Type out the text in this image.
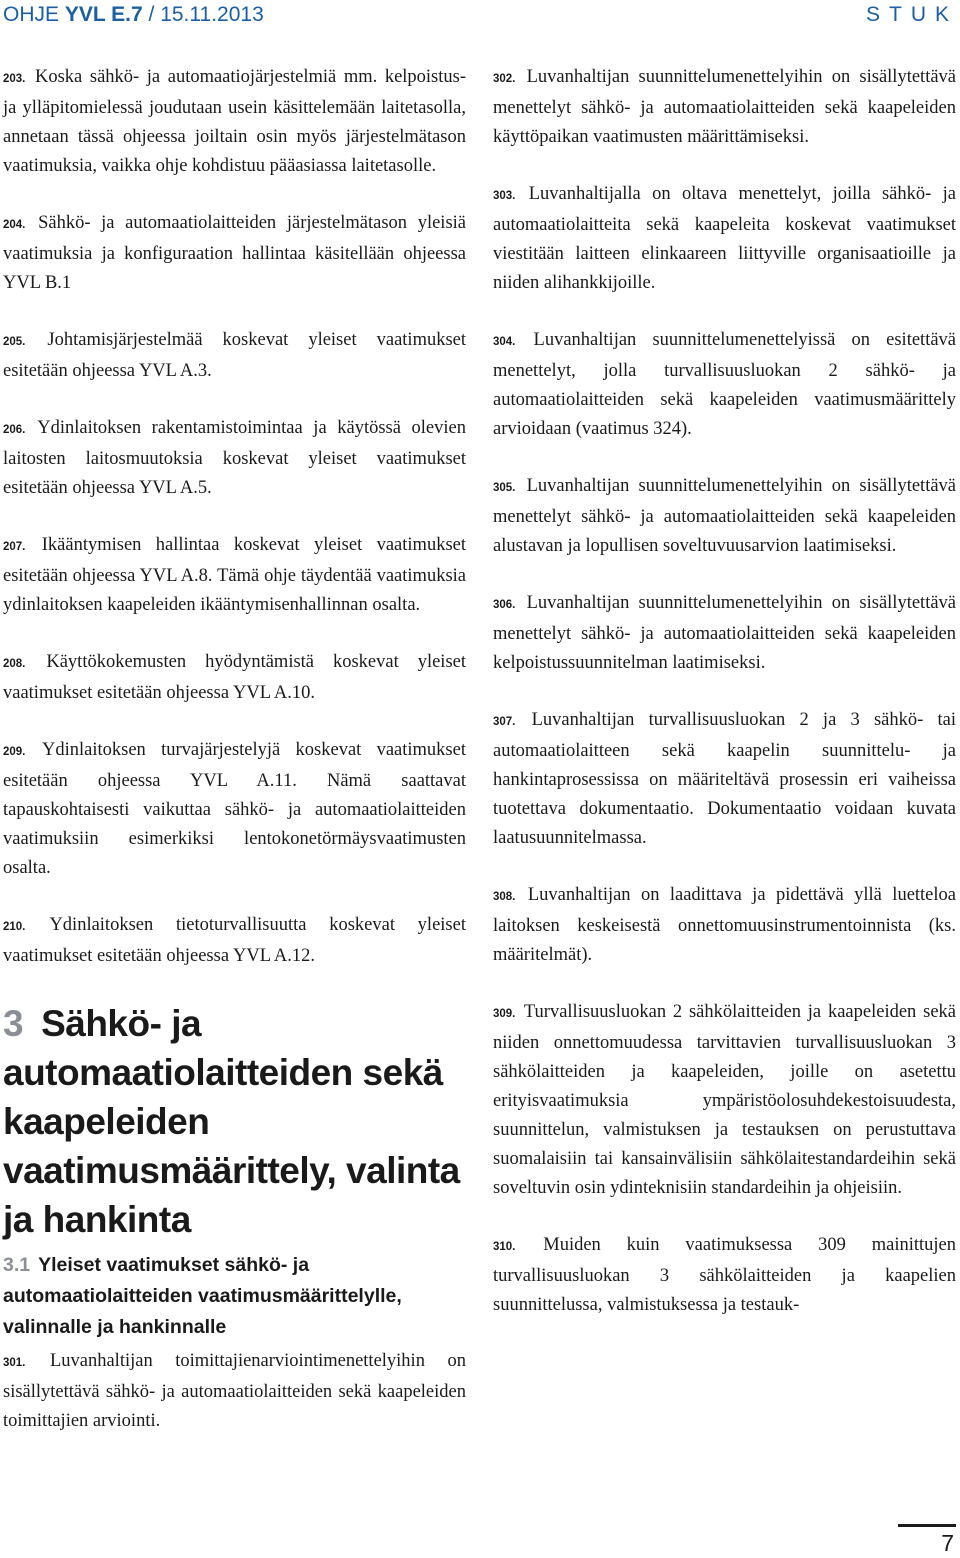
OHJE YVL E.7 / 15.11.2013	STUK

203. Koska sähkö- ja automaatiojärjestelmiä mm. kelpoistus- ja ylläpitomielessä joudutaan usein käsittelemään laitetasolla, annetaan tässä ohjeessa joiltain osin myös järjestelmätason vaatimuksia, vaikka ohje kohdistuu pääasiassa laitetasolle.

204. Sähkö- ja automaatiolaitteiden järjestelmätason yleisiä vaatimuksia ja konfiguraation hallintaa käsitellään ohjeessa YVL B.1

205. Johtamisjärjestelmää koskevat yleiset vaatimukset esitetään ohjeessa YVL A.3.

206. Ydinlaitoksen rakentamistoimintaa ja käytössä olevien laitosten laitosmuutoksia koskevat yleiset vaatimukset esitetään ohjeessa YVL A.5.

207. Ikääntymisen hallintaa koskevat yleiset vaatimukset esitetään ohjeessa YVL A.8. Tämä ohje täydentää vaatimuksia ydinlaitoksen kaapeleiden ikääntymisenhallinnan osalta.

208. Käyttökokemusten hyödyntämistä koskevat yleiset vaatimukset esitetään ohjeessa YVL A.10.

209. Ydinlaitoksen turvajärjestelyjä koskevat vaatimukset esitetään ohjeessa YVL A.11. Nämä saattavat tapauskohtaisesti vaikuttaa sähkö- ja automaatiolaitteiden vaatimuksiin esimerkiksi lentokonetörmäysvaatimusten osalta.

210. Ydinlaitoksen tietoturvallisuutta koskevat yleiset vaatimukset esitetään ohjeessa YVL A.12.

3 Sähkö- ja automaatiolaitteiden sekä kaapeleiden vaatimusmäärittely, valinta ja hankinta
3.1 Yleiset vaatimukset sähkö- ja automaatiolaitteiden vaatimusmäärittelylle, valinnalle ja hankinnalle

301. Luvanhaltijan toimittajienarviointimenettelyihin on sisällytettävä sähkö- ja automaatiolaitteiden sekä kaapeleiden toimittajien arviointi.

302. Luvanhaltijan suunnittelumenettelyihin on sisällytettävä menettelyt sähkö- ja automaatiolaitteiden sekä kaapeleiden käyttöpaikan vaatimusten määrittämiseksi.

303. Luvanhaltijalla on oltava menettelyt, joilla sähkö- ja automaatiolaitteita sekä kaapeleita koskevat vaatimukset viestitään laitteen elinkaareen liittyville organisaatioille ja niiden alihankkijoille.

304. Luvanhaltijan suunnittelumenettelyissä on esitettävä menettelyt, jolla turvallisuusluokan 2 sähkö- ja automaatiolaitteiden sekä kaapeleiden vaatimusmäärittely arvioidaan (vaatimus 324).

305. Luvanhaltijan suunnittelumenettelyihin on sisällytettävä menettelyt sähkö- ja automaatiolaitteiden sekä kaapeleiden alustavan ja lopullisen soveltuvuusarvion laatimiseksi.

306. Luvanhaltijan suunnittelumenettelyihin on sisällytettävä menettelyt sähkö- ja automaatiolaitteiden sekä kaapeleiden kelpoistussuunnitelman laatimiseksi.

307. Luvanhaltijan turvallisuusluokan 2 ja 3 sähkö- tai automaatiolaitteen sekä kaapelin suunnittelu- ja hankintaprosessissa on määriteltävä prosessin eri vaiheissa tuotettava dokumentaatio. Dokumentaatio voidaan kuvata laatusuunnitelmassa.

308. Luvanhaltijan on laadittava ja pidettävä yllä luetteloa laitoksen keskeisestä onnettomuusinstrumentoinnista (ks. määritelmät).

309. Turvallisuusluokan 2 sähkölaitteiden ja kaapeleiden sekä niiden onnettomuudessa tarvittavien turvallisuusluokan 3 sähkölaitteiden ja kaapeleiden, joille on asetettu erityisvaatimuksia ympäristöolosuhdekestoisuudesta, suunnittelun, valmistuksen ja testauksen on perustuttava suomalaisiin tai kansainvälisiin sähkölaitestandardeihin sekä soveltuvin osin ydinteknisiin standardeihin ja ohjeisiin.

310. Muiden kuin vaatimuksessa 309 mainittujen turvallisuusluokan 3 sähkölaitteiden ja kaapelien suunnittelussa, valmistuksessa ja testauk-

7
